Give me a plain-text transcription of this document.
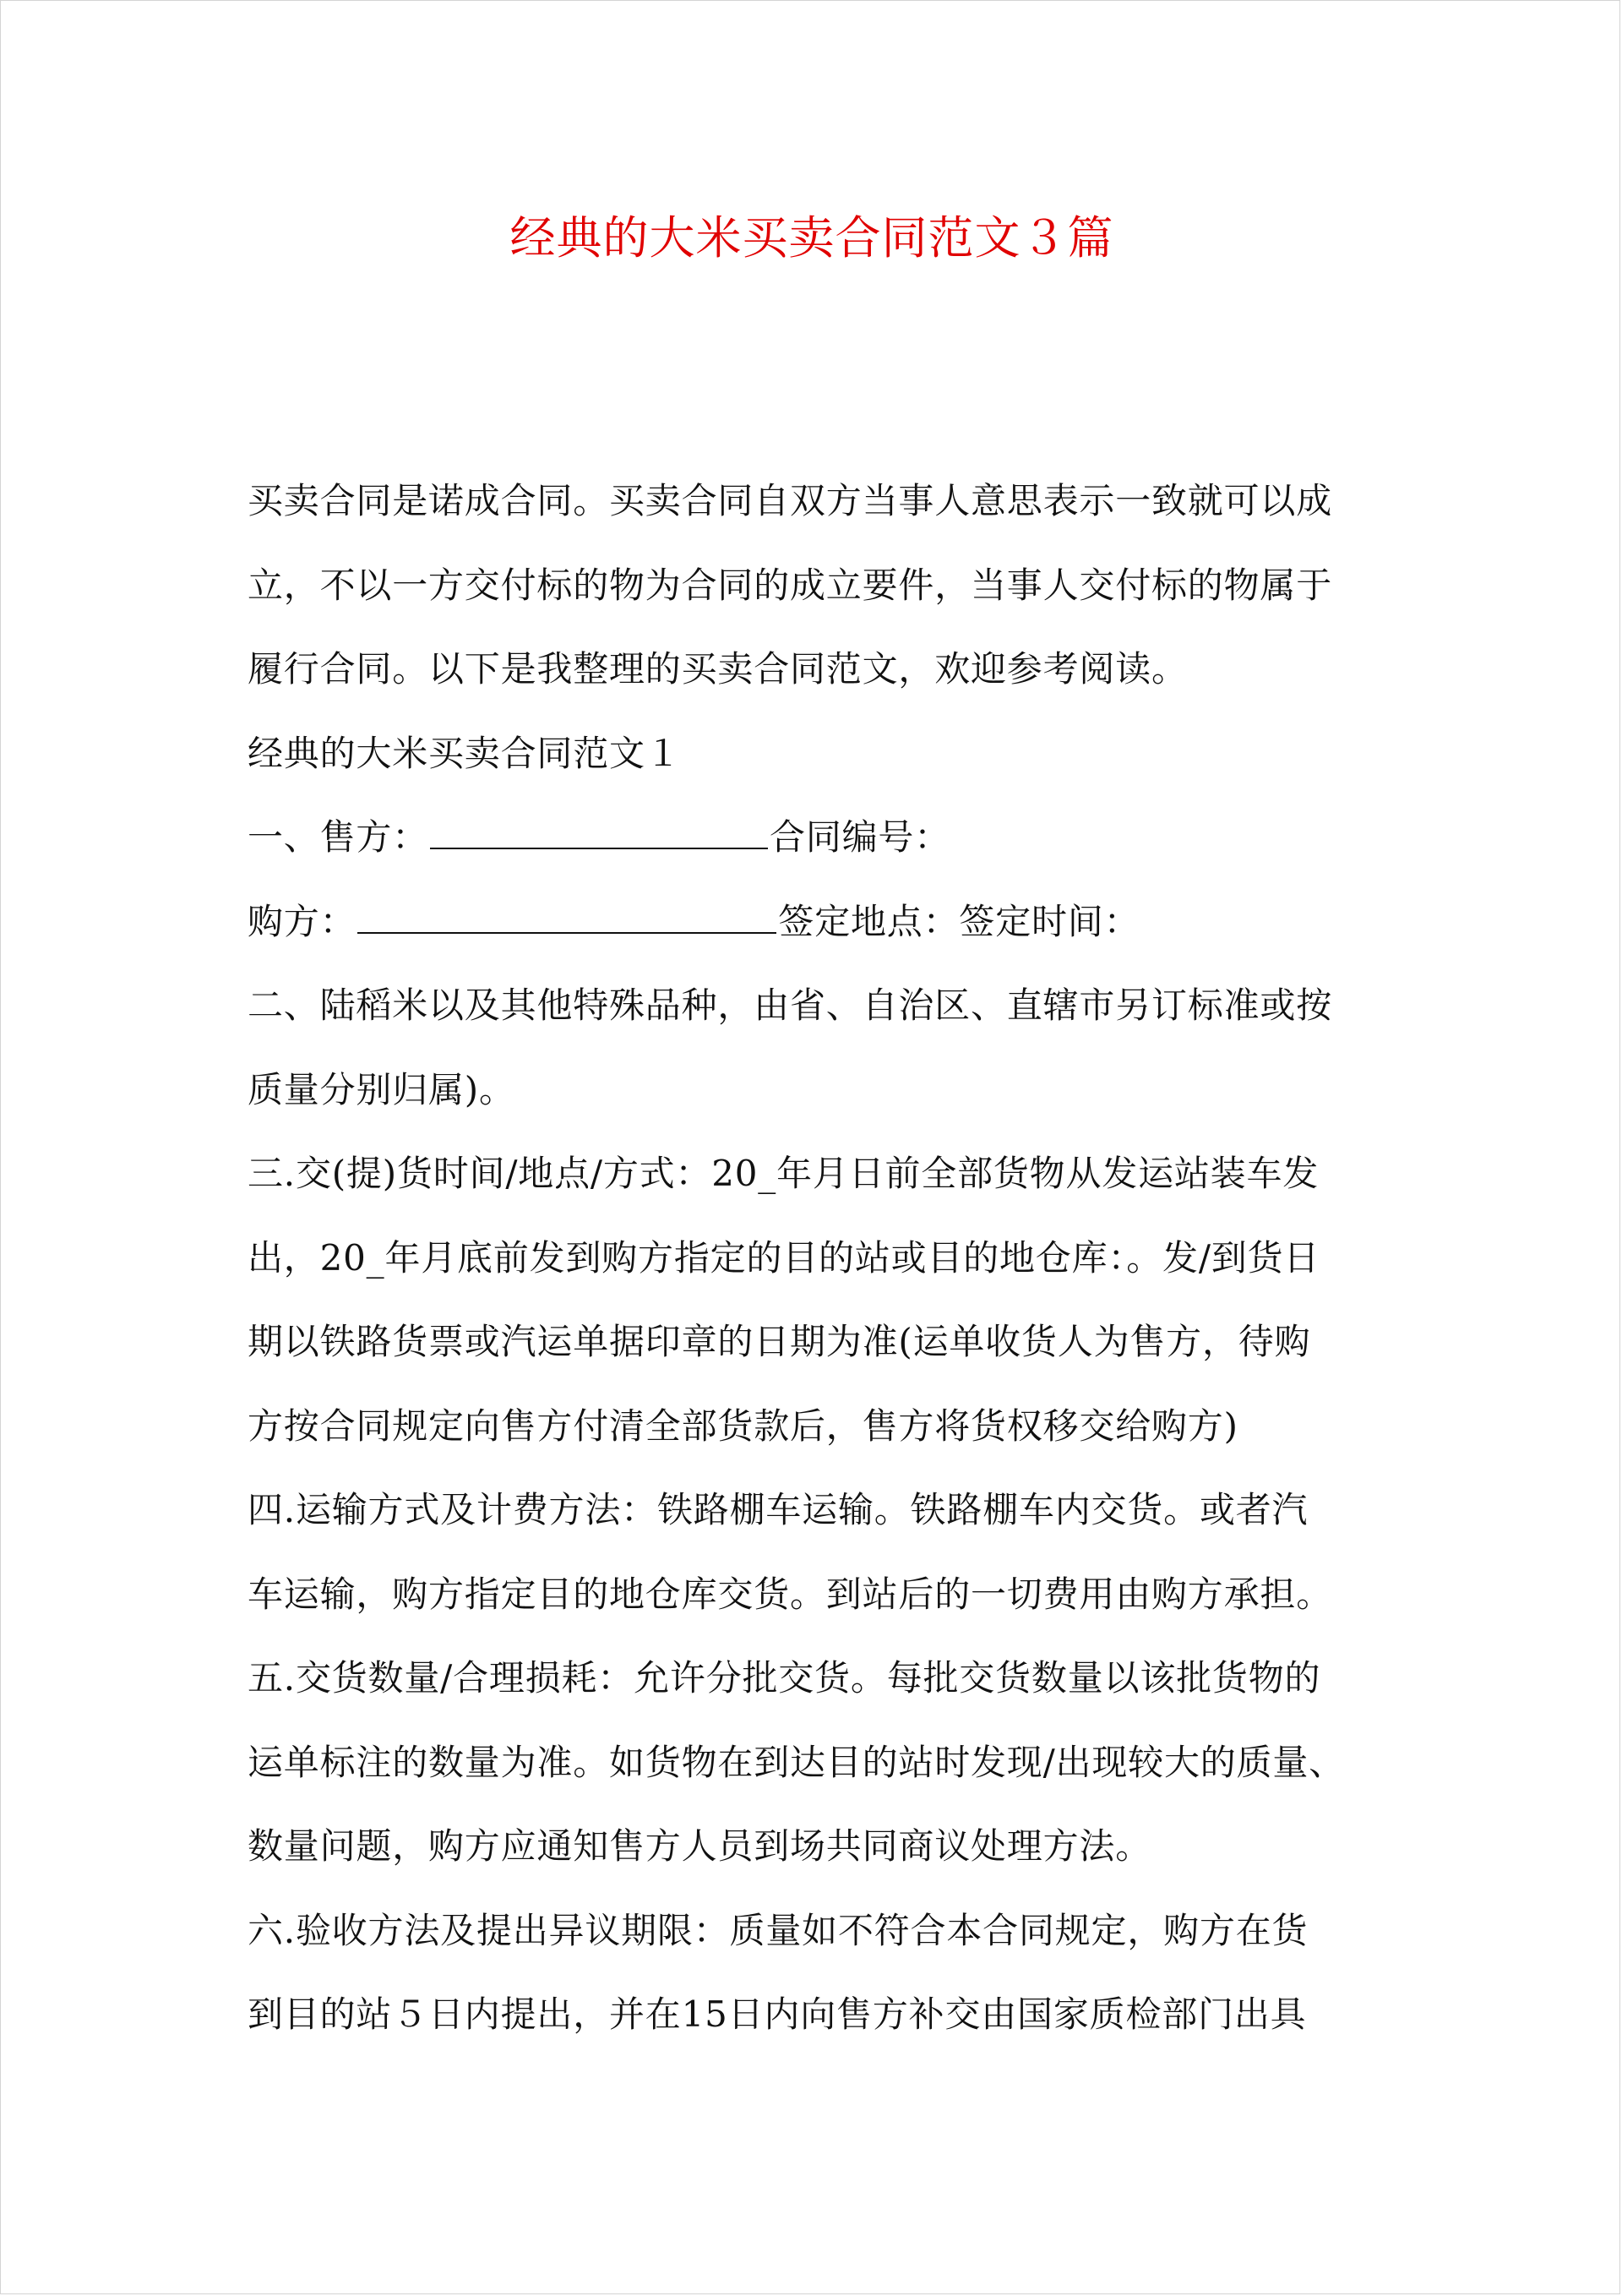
经典的大米买卖合同范文３篇
买卖合同是诺成合同。买卖合同自双方当事人意思表示一致就可以成
立，不以一方交付标的物为合同的成立要件，当事人交付标的物属于
履行合同。以下是我整理的买卖合同范文，欢迎参考阅读。
经典的大米买卖合同范文１
一、售方：	合同编号：
购方：	签定地点：签定时间：
二、陆稻米以及其他特殊品种，由省、自治区、直辖市另订标准或按
质量分别归属)。
三.交(提)货时间/地点/方式：20_年月日前全部货物从发运站装车发
出，20_年月底前发到购方指定的目的站或目的地仓库：。发/到货日
期以铁路货票或汽运单据印章的日期为准(运单收货人为售方，待购
方按合同规定向售方付清全部货款后，售方将货权移交给购方)
四.运输方式及计费方法：铁路棚车运输。铁路棚车内交货。或者汽
车运输，购方指定目的地仓库交货。到站后的一切费用由购方承担。
五.交货数量/合理损耗：允许分批交货。每批交货数量以该批货物的
运单标注的数量为准。如货物在到达目的站时发现/出现较大的质量、
数量问题，购方应通知售方人员到场共同商议处理方法。
六.验收方法及提出异议期限：质量如不符合本合同规定，购方在货
到目的站５日内提出，并在15日内向售方补交由国家质检部门出具
